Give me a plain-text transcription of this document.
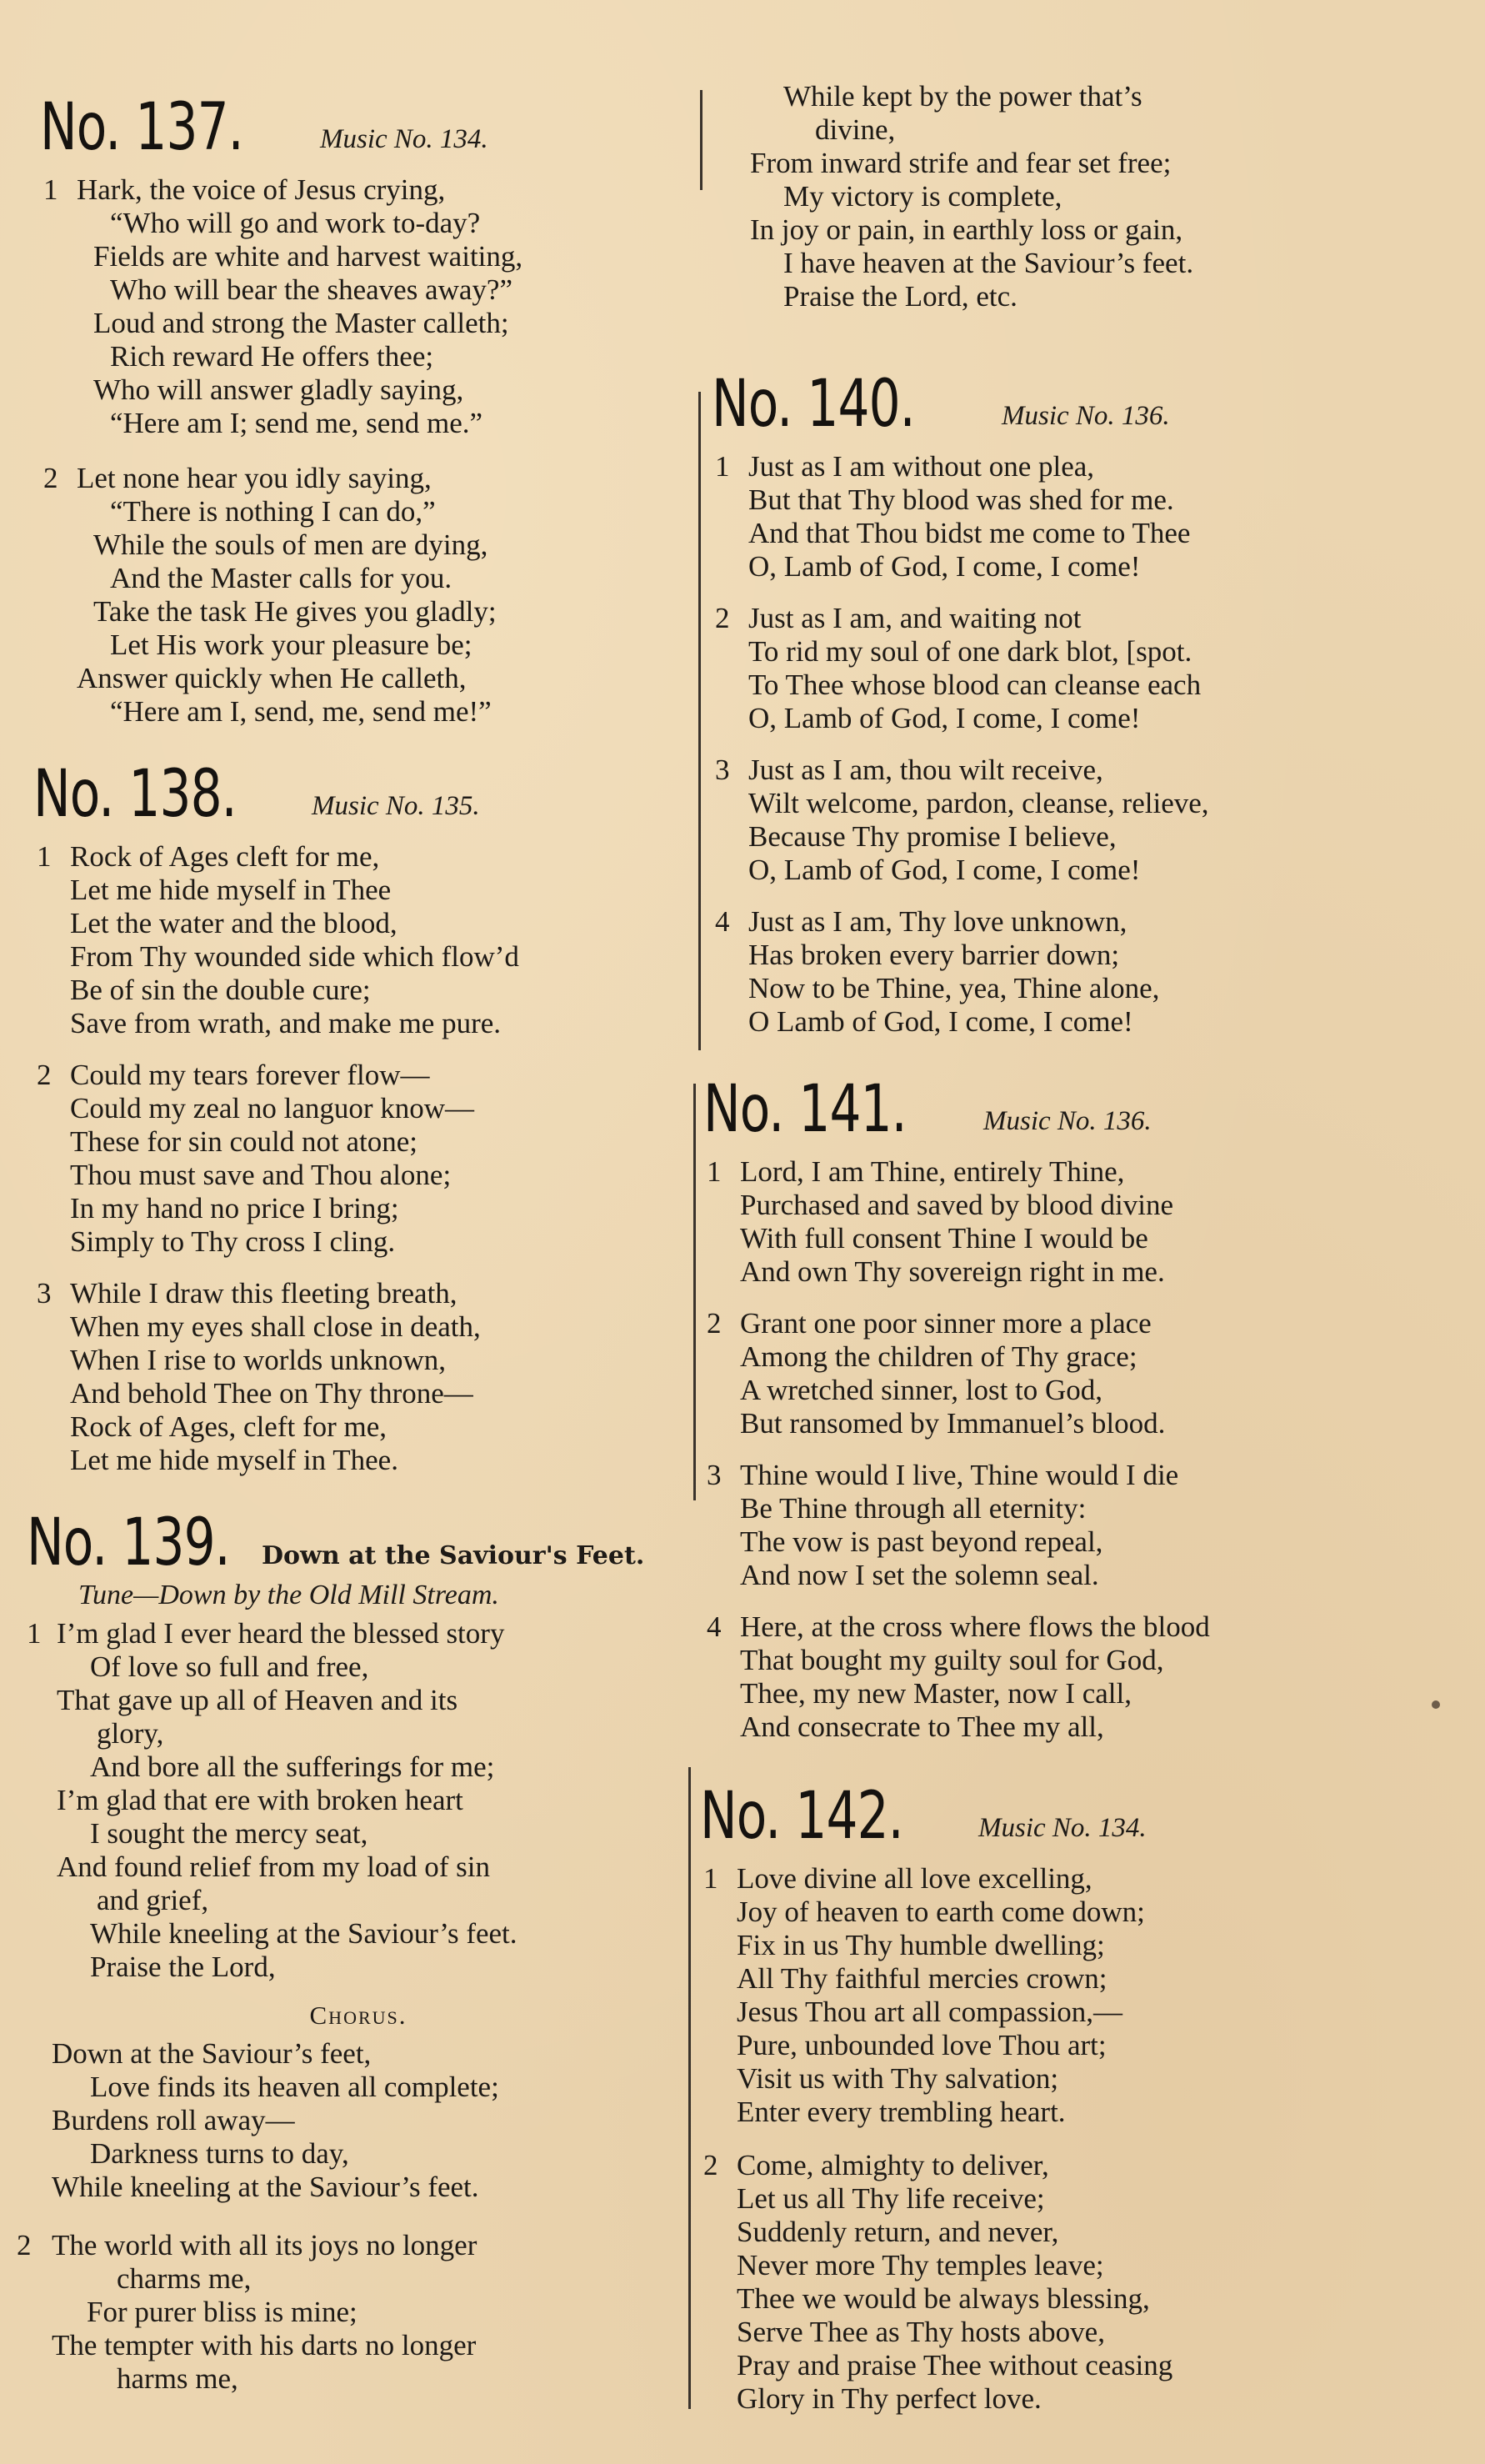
No. 137.	Music No. 134.
1 Hark, the voice of Jesus crying,
“Who will go and work to-day?
Fields are white and harvest waiting,
Who will bear the sheaves away?”
Loud and strong the Master calleth;
Rich reward He offers thee;
Who will answer gladly saying,
“Here am I; send me, send me.”
2 Let none hear you idly saying,
“There is nothing I can do,”
While the souls of men are dying,
And the Master calls for you.
Take the task He gives you gladly;
Let His work your pleasure be;
Answer quickly when He calleth,
“Here am I, send, me, send me!”
No. 138.	Music No. 135.
1 Rock of Ages cleft for me,
Let me hide myself in Thee
Let the water and the blood,
From Thy wounded side which flow’d
Be of sin the double cure;
Save from wrath, and make me pure.
2 Could my tears forever flow—
Could my zeal no languor know—
These for sin could not atone;
Thou must save and Thou alone;
In my hand no price I bring;
Simply to Thy cross I cling.
3 While I draw this fleeting breath,
When my eyes shall close in death,
When I rise to worlds unknown,
And behold Thee on Thy throne—
Rock of Ages, cleft for me,
Let me hide myself in Thee.
No. 139. Down at the Saviour's Feet.
Tune—Down by the Old Mill Stream.
1 I’m glad I ever heard the blessed story
Of love so full and free,
That gave up all of Heaven and its
glory,
And bore all the sufferings for me;
I’m glad that ere with broken heart
I sought the mercy seat,
And found relief from my load of sin
and grief,
While kneeling at the Saviour’s feet.
Praise the Lord,
Chorus.
Down at the Saviour’s feet,
Love finds its heaven all complete;
Burdens roll away—
Darkness turns to day,
While kneeling at the Saviour’s feet.
2 The world with all its joys no longer
charms me,
For purer bliss is mine;
The tempter with his darts no longer
harms me,
While kept by the power that’s
divine,
From inward strife and fear set free;
My victory is complete,
In joy or pain, in earthly loss or gain,
I have heaven at the Saviour’s feet.
Praise the Lord, etc.
No. 140.	Music No. 136.
1 Just as I am without one plea,
But that Thy blood was shed for me.
And that Thou bidst me come to Thee
O, Lamb of God, I come, I come!
2 Just as I am, and waiting not
To rid my soul of one dark blot, [spot.
To Thee whose blood can cleanse each
O, Lamb of God, I come, I come!
3 Just as I am, thou wilt receive,
Wilt welcome, pardon, cleanse, relieve,
Because Thy promise I believe,
O, Lamb of God, I come, I come!
4 Just as I am, Thy love unknown,
Has broken every barrier down;
Now to be Thine, yea, Thine alone,
O Lamb of God, I come, I come!
No. 141.	Music No. 136.
1 Lord, I am Thine, entirely Thine,
Purchased and saved by blood divine
With full consent Thine I would be
And own Thy sovereign right in me.
2 Grant one poor sinner more a place
Among the children of Thy grace;
A wretched sinner, lost to God,
But ransomed by Immanuel’s blood.
3 Thine would I live, Thine would I die
Be Thine through all eternity:
The vow is past beyond repeal,
And now I set the solemn seal.
4 Here, at the cross where flows the blood
That bought my guilty soul for God,
Thee, my new Master, now I call,
And consecrate to Thee my all,
No. 142.	Music No. 134.
1 Love divine all love excelling,
Joy of heaven to earth come down;
Fix in us Thy humble dwelling;
All Thy faithful mercies crown;
Jesus Thou art all compassion,—
Pure, unbounded love Thou art;
Visit us with Thy salvation;
Enter every trembling heart.
2 Come, almighty to deliver,
Let us all Thy life receive;
Suddenly return, and never,
Never more Thy temples leave;
Thee we would be always blessing,
Serve Thee as Thy hosts above,
Pray and praise Thee without ceasing
Glory in Thy perfect love.
